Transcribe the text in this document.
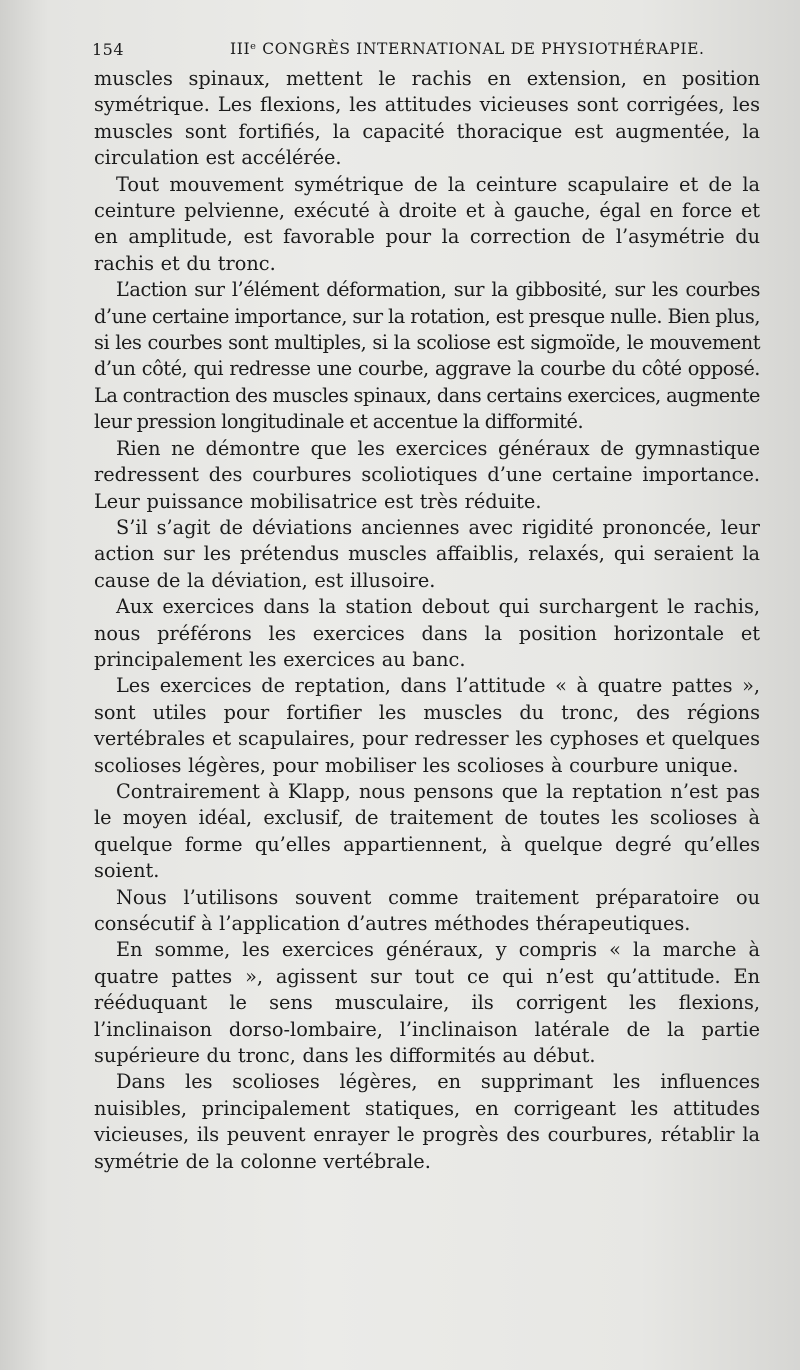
154	IIIᵉ CONGRÈS INTERNATIONAL DE PHYSIOTHÉRAPIE.

muscles spinaux, mettent le rachis en extension, en position symétrique. Les flexions, les attitudes vicieuses sont corrigées, les muscles sont fortifiés, la capacité thoracique est augmentée, la circulation est accélérée.

Tout mouvement symétrique de la ceinture scapulaire et de la ceinture pelvienne, exécuté à droite et à gauche, égal en force et en amplitude, est favorable pour la correction de l’asymétrie du rachis et du tronc.

L’action sur l’élément déformation, sur la gibbosité, sur les courbes d’une certaine importance, sur la rotation, est presque nulle. Bien plus, si les courbes sont multiples, si la scoliose est sigmoïde, le mouvement d’un côté, qui redresse une courbe, aggrave la courbe du côté opposé. La contraction des muscles spinaux, dans certains exercices, augmente leur pression longitudinale et accentue la difformité.

Rien ne démontre que les exercices généraux de gymnastique redressent des courbures scoliotiques d’une certaine importance. Leur puissance mobilisatrice est très réduite.

S’il s’agit de déviations anciennes avec rigidité prononcée, leur action sur les prétendus muscles affaiblis, relaxés, qui seraient la cause de la déviation, est illusoire.

Aux exercices dans la station debout qui surchargent le rachis, nous préférons les exercices dans la position horizontale et principalement les exercices au banc.

Les exercices de reptation, dans l’attitude « à quatre pattes », sont utiles pour fortifier les muscles du tronc, des régions vertébrales et scapulaires, pour redresser les cyphoses et quelques scolioses légères, pour mobiliser les scolioses à courbure unique.

Contrairement à Klapp, nous pensons que la reptation n’est pas le moyen idéal, exclusif, de traitement de toutes les scolioses à quelque forme qu’elles appartiennent, à quelque degré qu’elles soient.

Nous l’utilisons souvent comme traitement préparatoire ou consécutif à l’application d’autres méthodes thérapeutiques.

En somme, les exercices généraux, y compris « la marche à quatre pattes », agissent sur tout ce qui n’est qu’attitude. En rééduquant le sens musculaire, ils corrigent les flexions, l’inclinaison dorso-lombaire, l’inclinaison latérale de la partie supérieure du tronc, dans les difformités au début.

Dans les scolioses légères, en supprimant les influences nuisibles, principalement statiques, en corrigeant les attitudes vicieuses, ils peuvent enrayer le progrès des courbures, rétablir la symétrie de la colonne vertébrale.
